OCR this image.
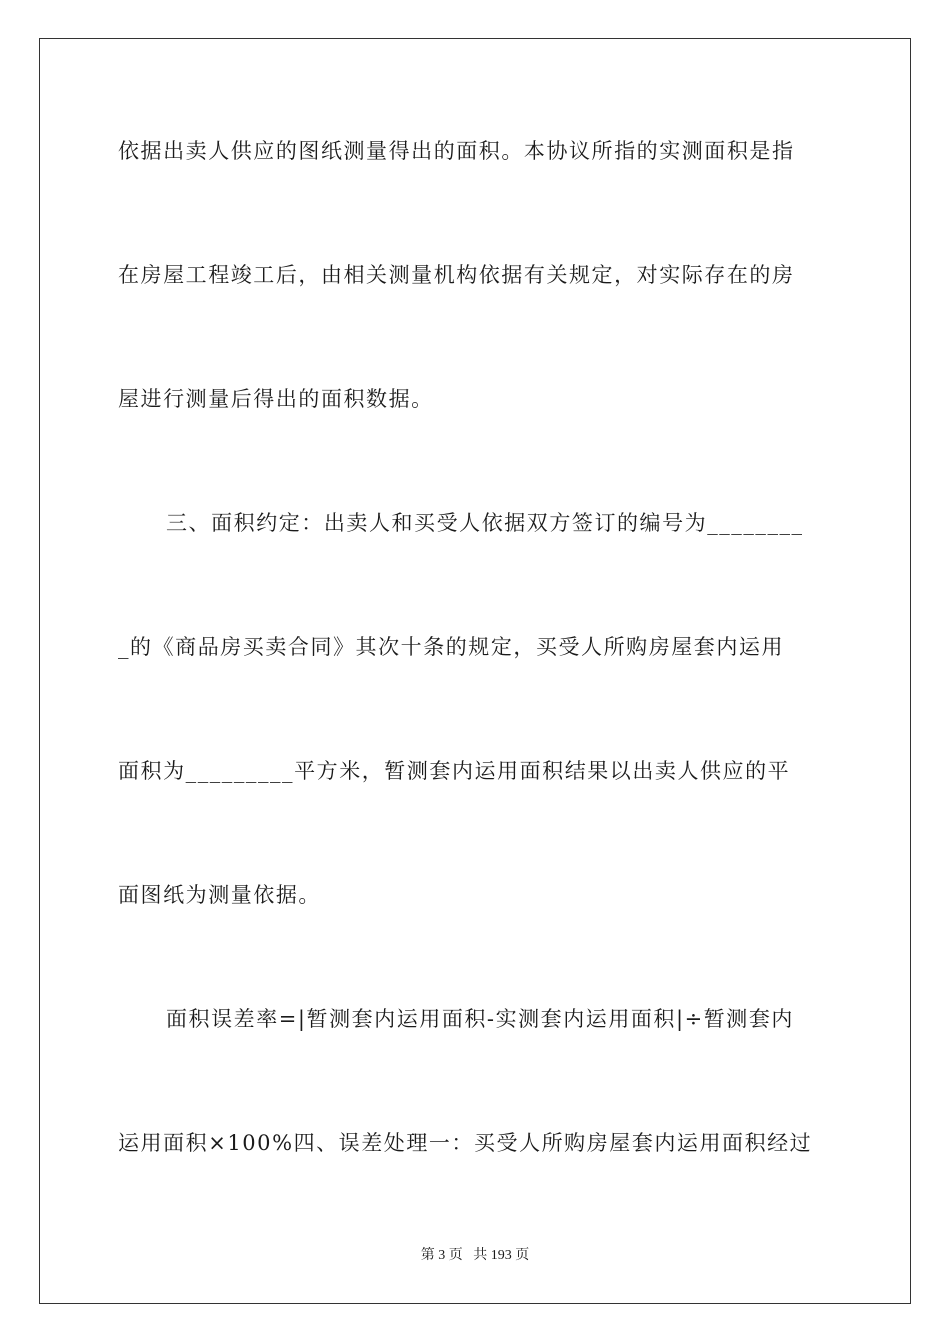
依据出卖人供应的图纸测量得出的面积。本协议所指的实测面积是指
在房屋工程竣工后，由相关测量机构依据有关规定，对实际存在的房
屋进行测量后得出的面积数据。
三、面积约定：出卖人和买受人依据双方签订的编号为________
_的《商品房买卖合同》其次十条的规定，买受人所购房屋套内运用
面积为_________平方米，暂测套内运用面积结果以出卖人供应的平
面图纸为测量依据。
面积误差率=|暂测套内运用面积-实测套内运用面积|÷暂测套内
运用面积×100%四、误差处理一：买受人所购房屋套内运用面积经过
第 3 页 共 193 页
